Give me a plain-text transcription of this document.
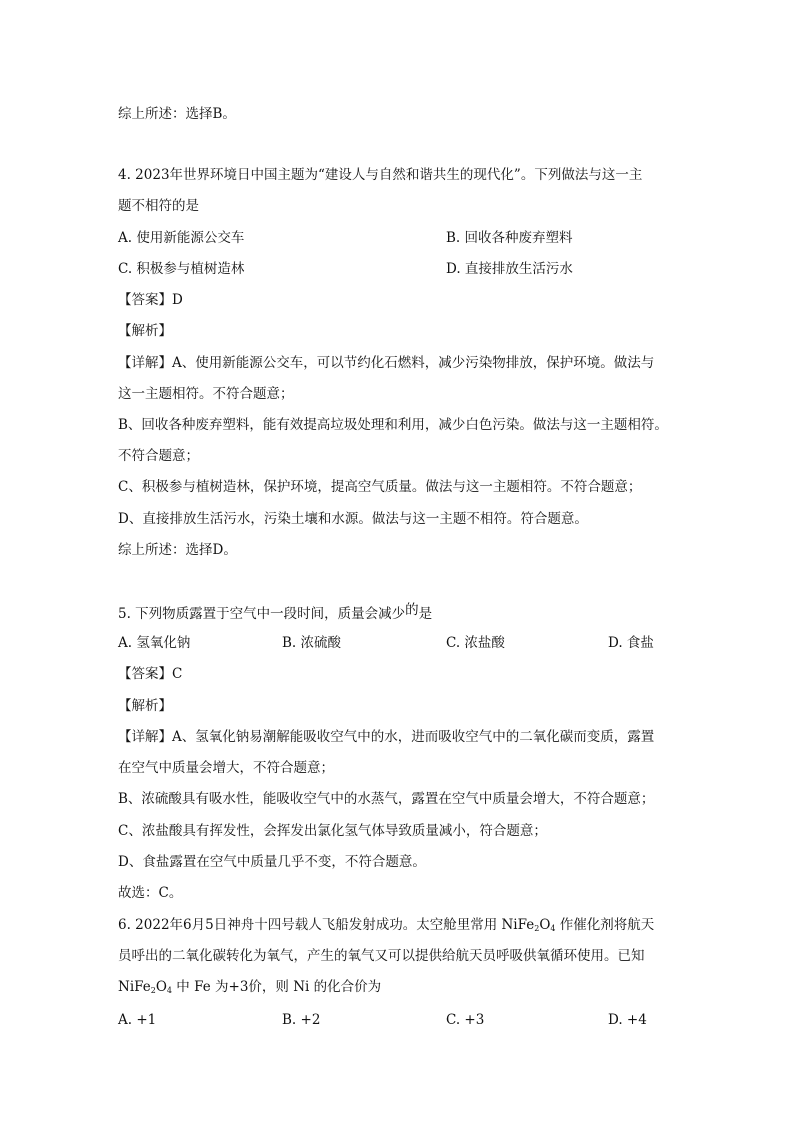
综上所述：选择B。
4. 2023年世界环境日中国主题为“建设人与自然和谐共生的现代化”。下列做法与这一主
题不相符的是
A. 使用新能源公交车	B. 回收各种废弃塑料
C. 积极参与植树造林	D. 直接排放生活污水
【答案】D
【解析】
【详解】A、使用新能源公交车，可以节约化石燃料，减少污染物排放，保护环境。做法与
这一主题相符。不符合题意；
B、回收各种废弃塑料，能有效提高垃圾处理和利用，减少白色污染。做法与这一主题相符。
不符合题意；
C、积极参与植树造林，保护环境，提高空气质量。做法与这一主题相符。不符合题意；
D、直接排放生活污水，污染土壤和水源。做法与这一主题不相符。符合题意。
综上所述：选择D。
5. 下列物质露置于空气中一段时间，质量会减少的是
A. 氢氧化钠	B. 浓硫酸	C. 浓盐酸	D. 食盐
【答案】C
【解析】
【详解】A、氢氧化钠易潮解能吸收空气中的水，进而吸收空气中的二氧化碳而变质，露置
在空气中质量会增大，不符合题意；
B、浓硫酸具有吸水性，能吸收空气中的水蒸气，露置在空气中质量会增大，不符合题意；
C、浓盐酸具有挥发性，会挥发出氯化氢气体导致质量减小，符合题意；
D、食盐露置在空气中质量几乎不变，不符合题意。
故选：C。
6. 2022年6月5日神舟十四号载人飞船发射成功。太空舱里常用 $NiFe_2O_4$ 作催化剂将航天
员呼出的二氧化碳转化为氧气，产生的氧气又可以提供给航天员呼吸供氧循环使用。已知
$NiFe_2O_4$ 中 Fe 为+3价，则 Ni 的化合价为
A. +1	B. +2	C. +3	D. +4
